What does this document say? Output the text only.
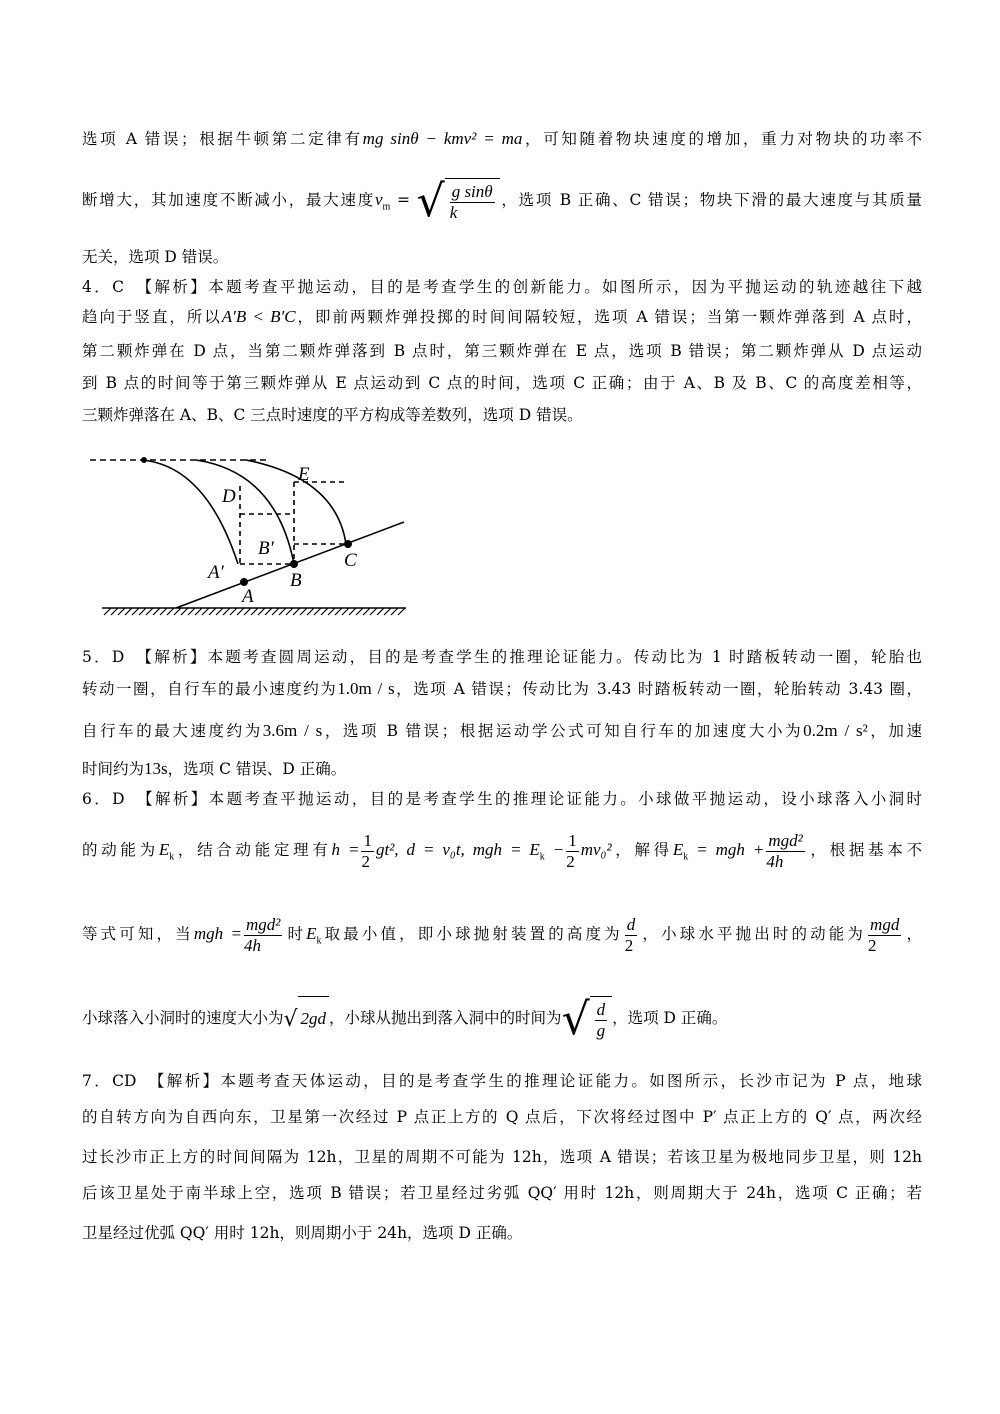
选项 A 错误；根据牛顿第二定律有mg sinθ − kmv² = ma，可知随着物块速度的增加，重力对物块的功率不
断增大，其加速度不断减小，最大速度$v_m$ = √ $\frac{\text{g sinθ}}{k}$ ，选项 B 正确、C 错误；物块下滑的最大速度与其质量
无关，选项 D 错误。
4．C　【解析】本题考查平抛运动，目的是考查学生的创新能力。如图所示，因为平抛运动的轨迹越往下越
趋向于竖直，所以A′B < B′C，即前两颗炸弹投掷的时间间隔较短，选项 A 错误；当第一颗炸弹落到 A 点时，
第二颗炸弹在 D 点，当第二颗炸弹落到 B 点时，第三颗炸弹在 E 点，选项 B 错误；第二颗炸弹从 D 点运动
到 B 点的时间等于第三颗炸弹从 E 点运动到 C 点的时间，选项 C 正确；由于 A、B 及 B、C 的高度差相等，
三颗炸弹落在 A、B、C 三点时速度的平方构成等差数列，选项 D 错误。
D
E
B′
A′
A
B
C
5．D　【解析】本题考查圆周运动，目的是考查学生的推理论证能力。传动比为 1 时踏板转动一圈，轮胎也
转动一圈，自行车的最小速度约为1.0m / s，选项 A 错误；传动比为 3.43 时踏板转动一圈，轮胎转动 3.43 圈，
自行车的最大速度约为3.6m / s，选项 B 错误；根据运动学公式可知自行车的加速度大小为0.2m / s²，加速
时间约为13s，选项 C 错误、D 正确。
6．D　【解析】本题考查平抛运动，目的是考查学生的推理论证能力。小球做平抛运动，设小球落入小洞时
的动能为$E_k$，结合动能定理有$h = \frac{1}{2} gt^2$, d = v₀t, mgh = $E_k - \frac{1}{2} mv_0^2$，解得$E_k$ = mgh + $\frac{\text{mgd²}}{4h}$ ，根据基本不
等式可知，当mgh = $\frac{\text{mgd²}}{4h}$ 时$E_k$取最小值，即小球抛射装置的高度为 $\frac{d}{2}$ ，小球水平抛出时的动能为 $\frac{\text{mgd}}{2}$ ，
小球落入小洞时的速度大小为√ 2gd ，小球从抛出到落入洞中的时间为√ $\frac{d}{g}$ ，选项 D 正确。
7．CD　【解析】本题考查天体运动，目的是考查学生的推理论证能力。如图所示，长沙市记为 P 点，地球
的自转方向为自西向东，卫星第一次经过 P 点正上方的 Q 点后，下次将经过图中 P′ 点正上方的 Q′ 点，两次经
过长沙市正上方的时间间隔为 12h，卫星的周期不可能为 12h，选项 A 错误；若该卫星为极地同步卫星，则 12h
后该卫星处于南半球上空，选项 B 错误；若卫星经过劣弧 QQ′ 用时 12h，则周期大于 24h，选项 C 正确；若
卫星经过优弧 QQ′ 用时 12h，则周期小于 24h，选项 D 正确。
